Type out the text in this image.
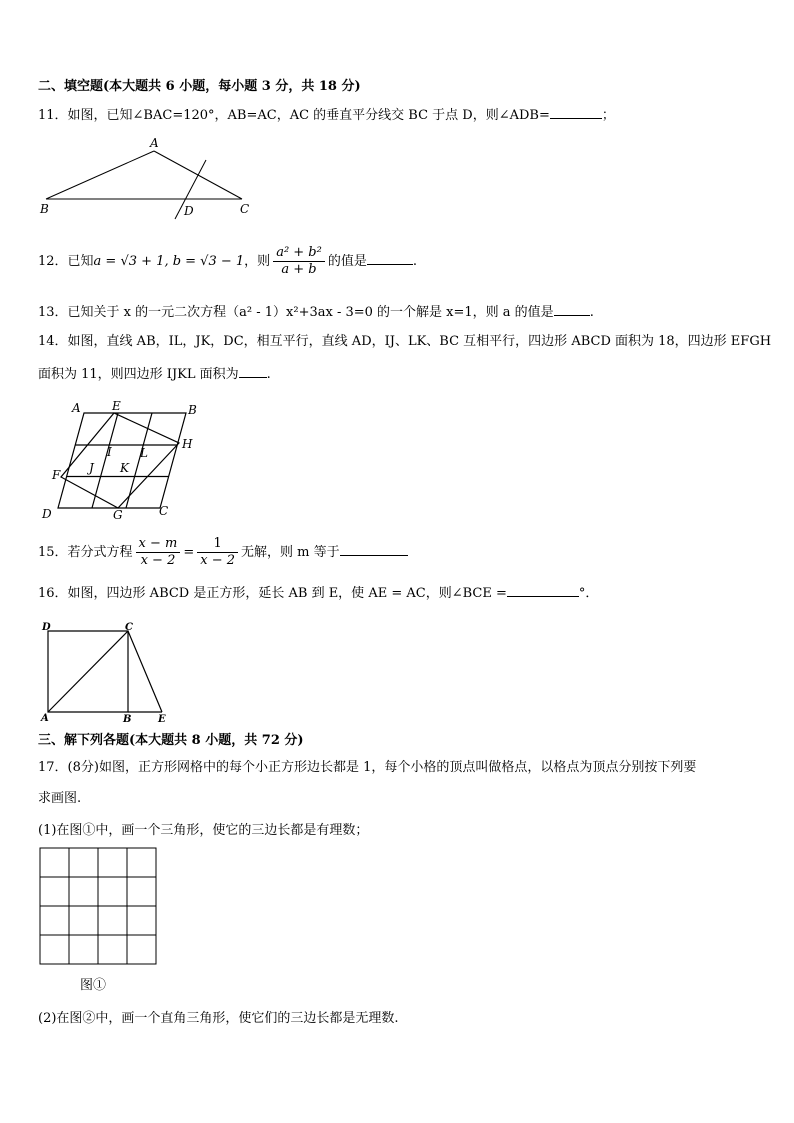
二、填空题(本大题共 6 小题，每小题 3 分，共 18 分)
11．如图，已知∠BAC=120°，AB=AC，AC 的垂直平分线交 BC 于点 D，则∠ADB=	；
A
B	D	C
12．已知a = √3 + 1, b = √3 − 1，则 $\frac{\text{a² + b²}}{a + b}$ 的值是	.
13．已知关于 x 的一元二次方程（a² - 1）x²+3ax - 3=0 的一个解是 x=1，则 a 的值是	.
14．如图，直线 AB，IL，JK，DC，相互平行，直线 AD，IJ、LK、BC 互相平行，四边形 ABCD 面积为 18，四边形 EFGH
面积为 11，则四边形 IJKL 面积为 .
A	E	B
H
I L
J K
F
D	G	C
15．若分式方程 $\frac{x - m}{x - 2} = \frac{1}{x - 2}$ 无解，则 m 等于
16．如图，四边形 ABCD 是正方形，延长 AB 到 E，使 AE = AC，则∠BCE =	°．
D	C
A	B	E
三、解下列各题(本大题共 8 小题，共 72 分)
17．(8分)如图，正方形网格中的每个小正方形边长都是 1，每个小格的顶点叫做格点，以格点为顶点分别按下列要
求画图.
(1)在图①中，画一个三角形，使它的三边长都是有理数；
图①
(2)在图②中，画一个直角三角形，使它们的三边长都是无理数.
